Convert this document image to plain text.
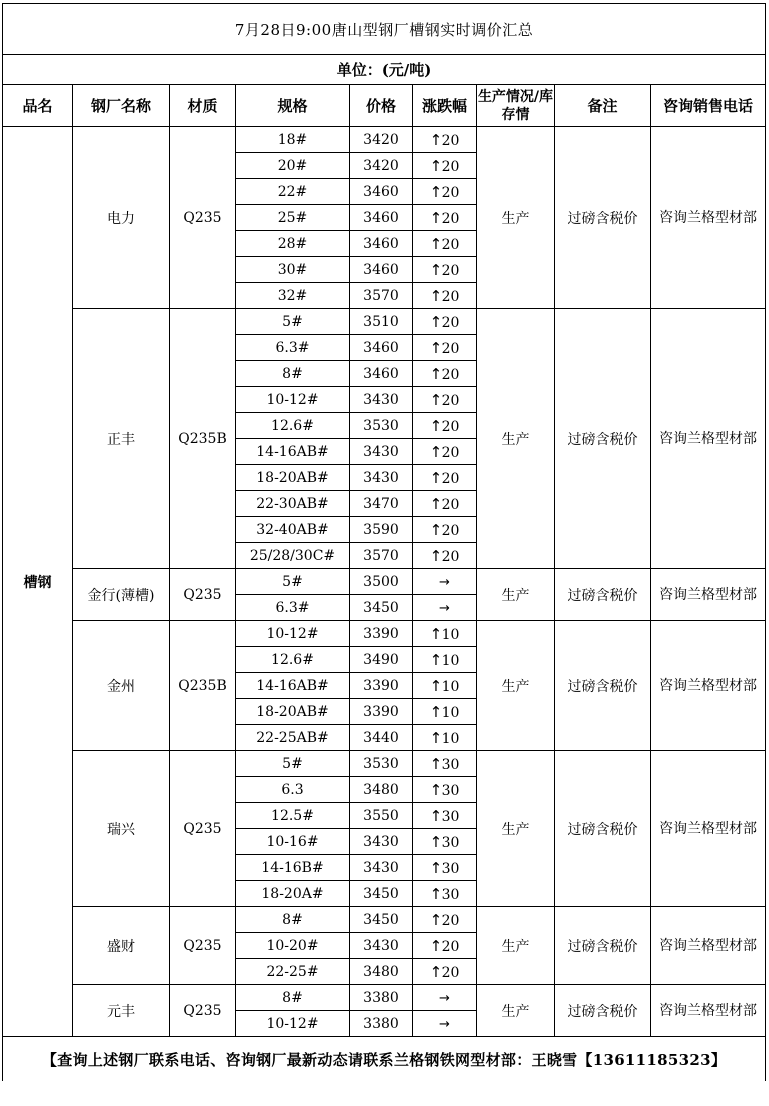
7月28日9:00唐山型钢厂槽钢实时调价汇总								
单位：(元/吨)								
品名	钢厂名称	材质	规格	价格	涨跌幅	生产情况/库存情	备注	咨询销售电话
槽钢	电力	Q235	18#	3420	↑20	生产	过磅含税价	咨询兰格型材部
			20#	3420	↑20			
			22#	3460	↑20			
			25#	3460	↑20			
			28#	3460	↑20			
			30#	3460	↑20			
			32#	3570	↑20			
	正丰	Q235B	5#	3510	↑20	生产	过磅含税价	咨询兰格型材部
			6.3#	3460	↑20			
			8#	3460	↑20			
			10-12#	3430	↑20			
			12.6#	3530	↑20			
			14-16AB#	3430	↑20			
			18-20AB#	3430	↑20			
			22-30AB#	3470	↑20			
			32-40AB#	3590	↑20			
			25/28/30C#	3570	↑20			
	金行(薄槽)	Q235	5#	3500	→	生产	过磅含税价	咨询兰格型材部
			6.3#	3450	→			
	金州	Q235B	10-12#	3390	↑10	生产	过磅含税价	咨询兰格型材部
			12.6#	3490	↑10			
			14-16AB#	3390	↑10			
			18-20AB#	3390	↑10			
			22-25AB#	3440	↑10			
	瑞兴	Q235	5#	3530	↑30	生产	过磅含税价	咨询兰格型材部
			6.3	3480	↑30			
			12.5#	3550	↑30			
			10-16#	3430	↑30			
			14-16B#	3430	↑30			
			18-20A#	3450	↑30			
	盛财	Q235	8#	3450	↑20	生产	过磅含税价	咨询兰格型材部
			10-20#	3430	↑20			
			22-25#	3480	↑20			
	元丰	Q235	8#	3380	→	生产	过磅含税价	咨询兰格型材部
			10-12#	3380	→			
【查询上述钢厂联系电话、咨询钢厂最新动态请联系兰格钢铁网型材部：王晓雪【13611185323】								
